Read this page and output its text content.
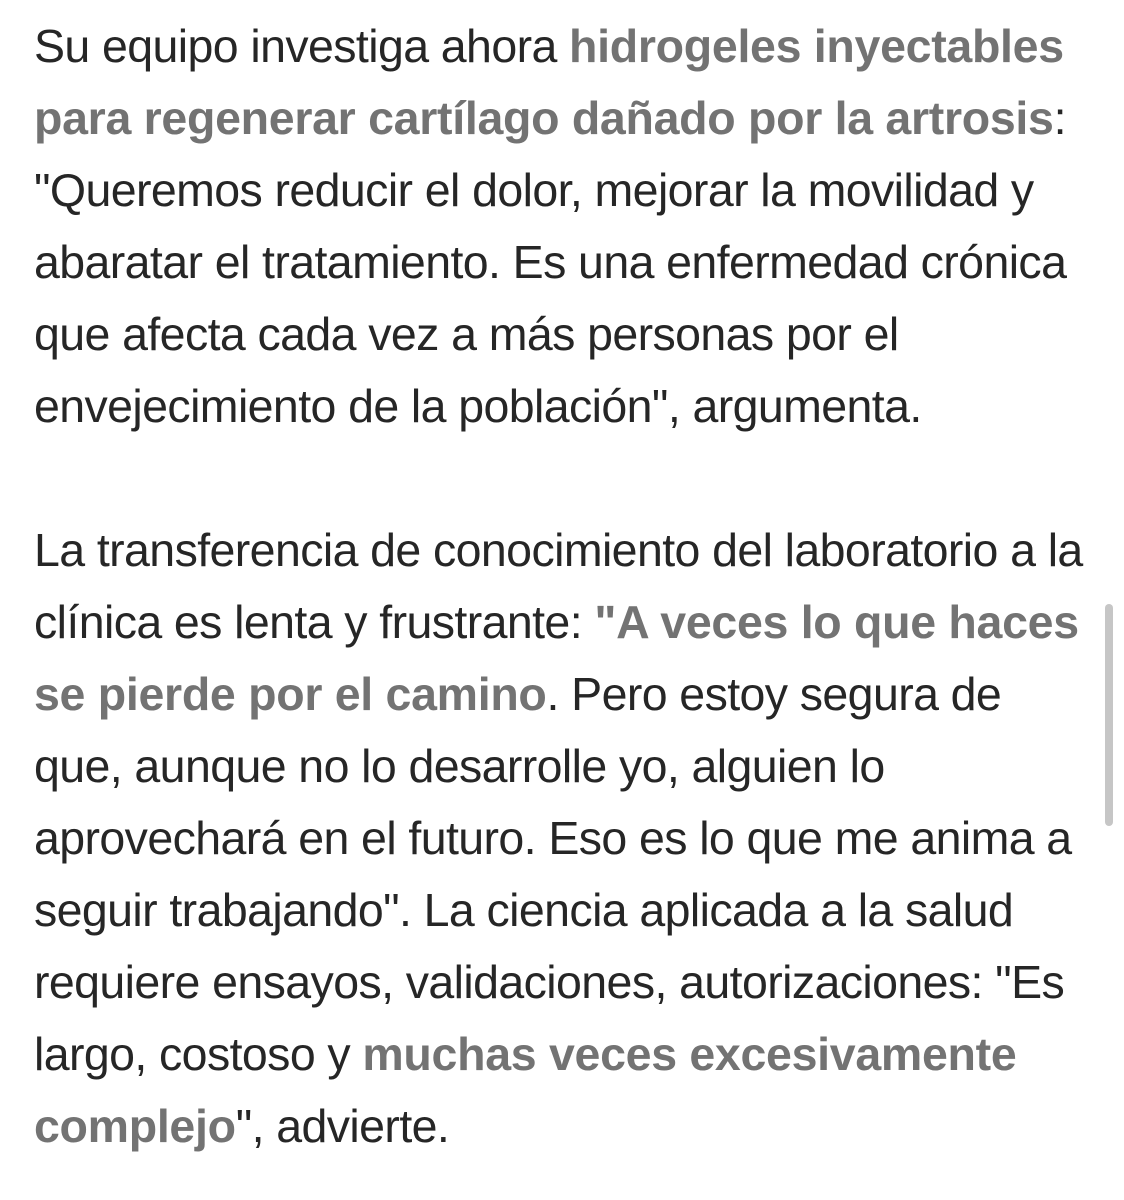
Su equipo investiga ahora hidrogeles inyectables para regenerar cartílago dañado por la artrosis: "Queremos reducir el dolor, mejorar la movilidad y abaratar el tratamiento. Es una enfermedad crónica que afecta cada vez a más personas por el envejecimiento de la población", argumenta.

La transferencia de conocimiento del laboratorio a la clínica es lenta y frustrante: "A veces lo que haces se pierde por el camino. Pero estoy segura de que, aunque no lo desarrolle yo, alguien lo aprovechará en el futuro. Eso es lo que me anima a seguir trabajando". La ciencia aplicada a la salud requiere ensayos, validaciones, autorizaciones: "Es largo, costoso y muchas veces excesivamente complejo", advierte.
